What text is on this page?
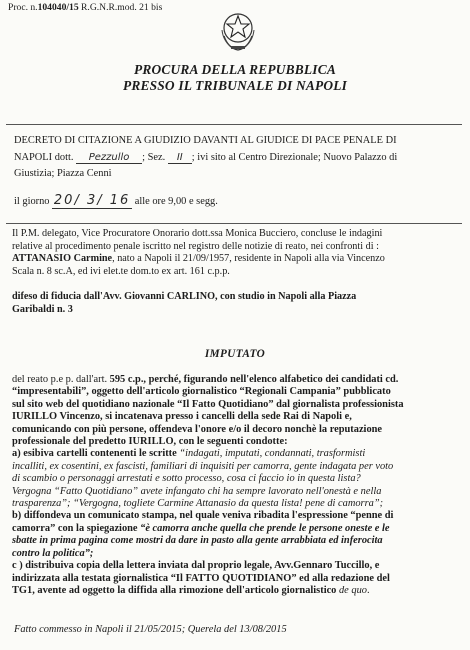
Proc. n.104040/15 R.G.N.R.mod. 21 bis
PROCURA DELLA REPUBBLICA
PRESSO IL TRIBUNALE DI NAPOLI
DECRETO DI CITAZIONE A GIUDIZIO DAVANTI AL GIUDICE DI PACE PENALE DI
NAPOLI dott. Pezzullo ; Sez. II ; ivi sito al Centro Direzionale; Nuovo Palazzo di
Giustizia; Piazza Cenni
il giorno 20/ 3/ 16 alle ore 9,00 e segg.
Il P.M. delegato, Vice Procuratore Onorario dott.ssa Monica Bucciero, concluse le indagini
relative al procedimento penale iscritto nel registro delle notizie di reato, nei confronti di :
ATTANASIO Carmine, nato a Napoli il 21/09/1957, residente in Napoli alla via Vincenzo
Scala n. 8 sc.A, ed ivi elet.te dom.to ex art. 161 c.p.p.
difeso di fiducia dall'Avv. Giovanni CARLINO, con studio in Napoli alla Piazza
Garibaldi n. 3
IMPUTATO
del reato p.e p. dall'art. 595 c.p., perché, figurando nell'elenco alfabetico dei candidati cd.
“impresentabili”, oggetto dell'articolo giornalistico “Regionali Campania” pubblicato
sul sito web del quotidiano nazionale “Il Fatto Quotidiano” dal giornalista professionista
IURILLO Vincenzo, si incatenava presso i cancelli della sede Rai di Napoli e,
comunicando con più persone, offendeva l'onore e/o il decoro nonchè la reputazione
professionale del predetto IURILLO, con le seguenti condotte:
a) esibiva cartelli contenenti le scritte “indagati, imputati, condannati, trasformisti
incalliti, ex cosentini, ex fascisti, familiari di inquisiti per camorra, gente indagata per voto
di scambio o personaggi arrestati e sotto processo, cosa ci faccio io in questa lista?
Vergogna “Fatto Quotidiano” avete infangato chi ha sempre lavorato nell'onestà e nella
trasparenza”; “Vergogna, togliete Carmine Attanasio da questa lista! pene di camorra”;
b) diffondeva un comunicato stampa, nel quale veniva ribadita l'espressione “penne di
camorra” con la spiegazione “è camorra anche quella che prende le persone oneste e le
sbatte in prima pagina come mostri da dare in pasto alla gente arrabbiata ed inferocita
contro la politica”;
c ) distribuiva copia della lettera inviata dal proprio legale, Avv.Gennaro Tuccillo, e
indirizzata alla testata giornalistica “Il FATTO QUOTIDIANO” ed alla redazione del
TG1, avente ad oggetto la diffida alla rimozione dell'articolo giornalistico de quo.
Fatto commesso in Napoli il 21/05/2015; Querela del 13/08/2015
